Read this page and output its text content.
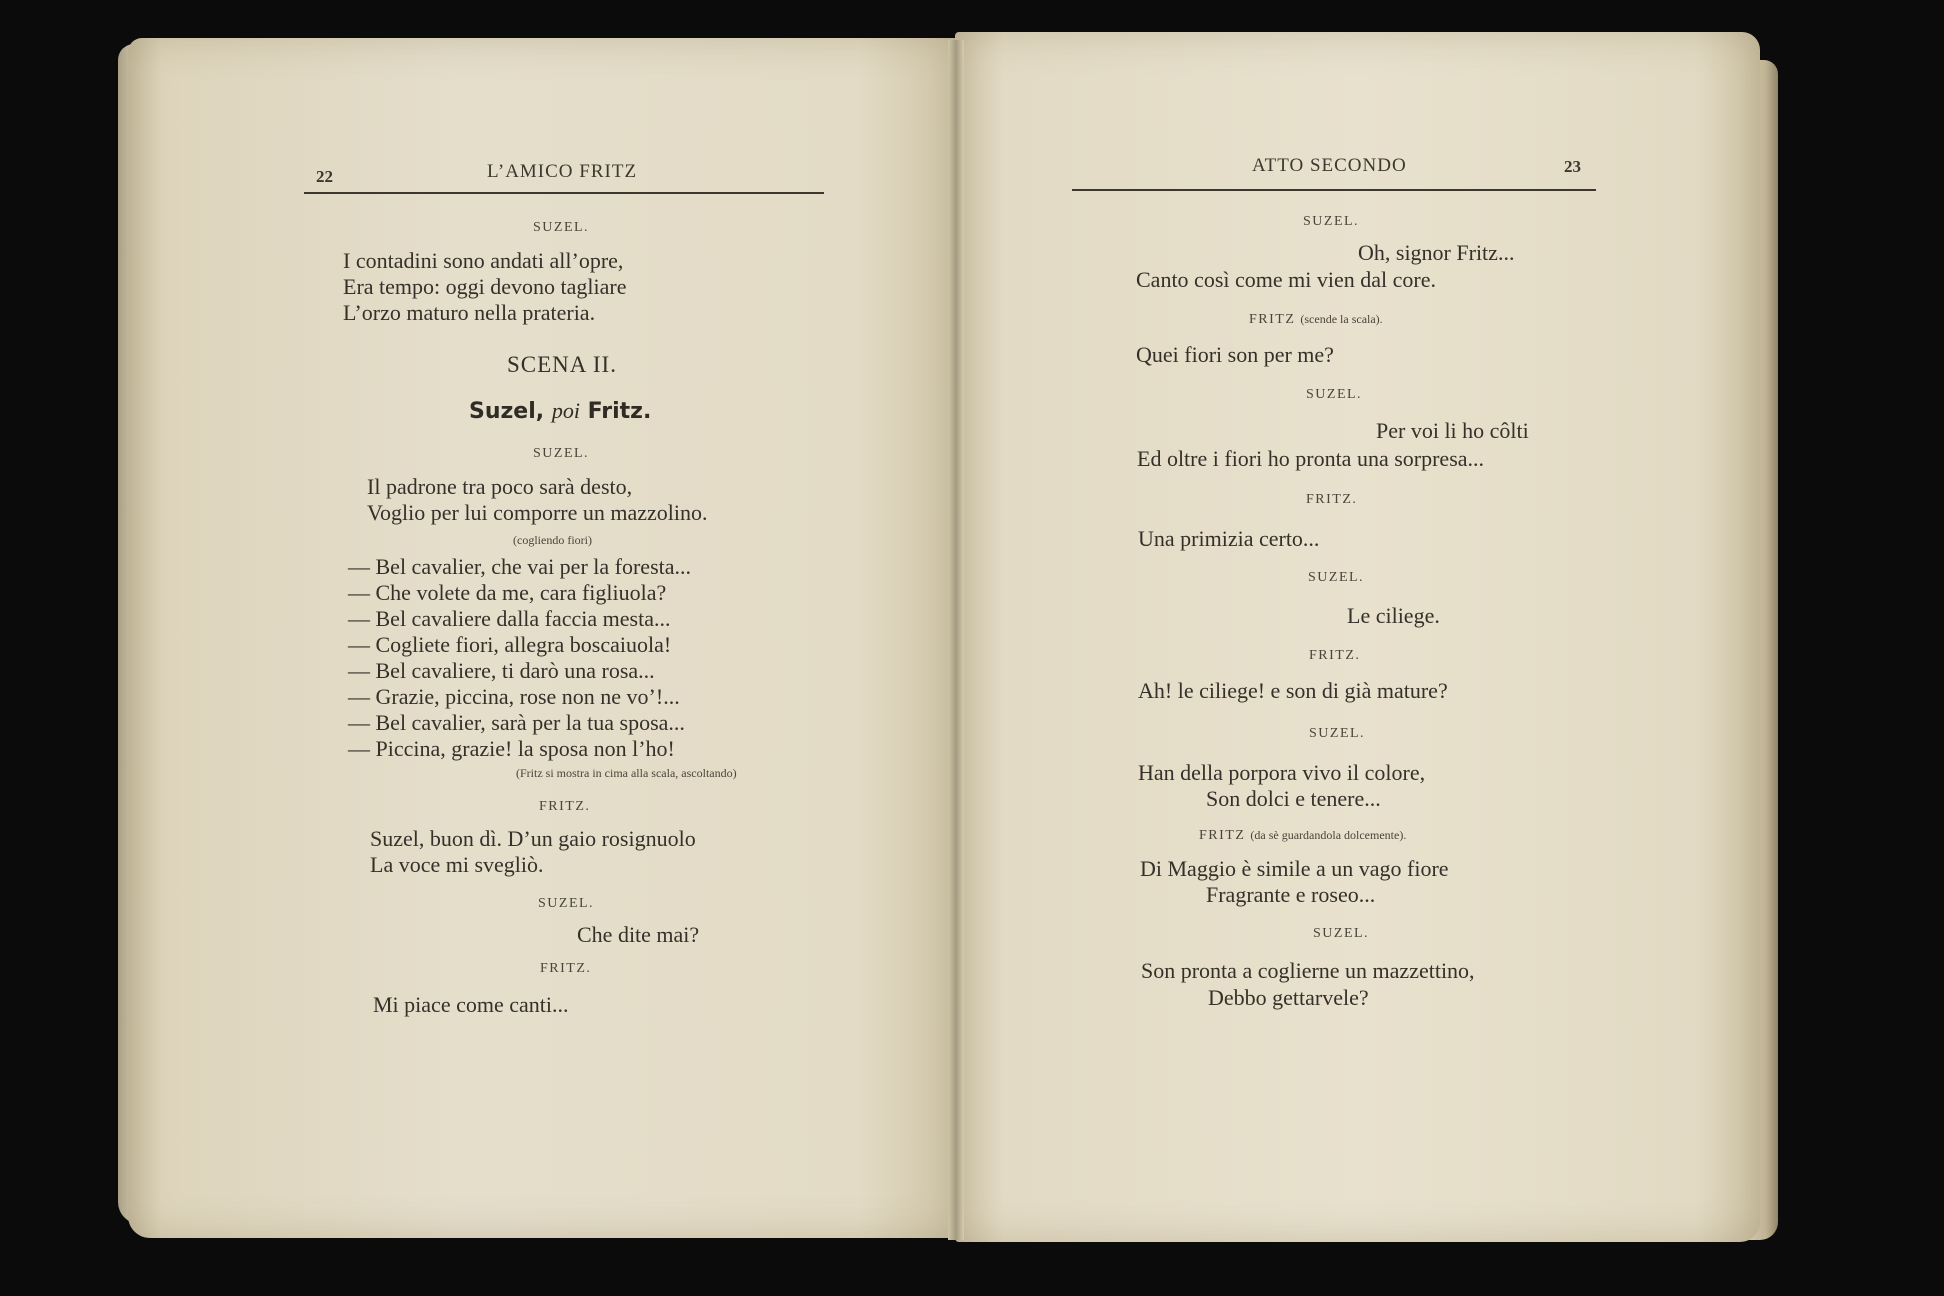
22	L’AMICO FRITZ
SUZEL.
I contadini sono andati all’opre,
Era tempo: oggi devono tagliare
L’orzo maturo nella prateria.
SCENA II.
Suzel, poi Fritz.
SUZEL.
Il padrone tra poco sarà desto,
Voglio per lui comporre un mazzolino.
(cogliendo fiori)
— Bel cavalier, che vai per la foresta...
— Che volete da me, cara figliuola?
— Bel cavaliere dalla faccia mesta...
— Cogliete fiori, allegra boscaiuola!
— Bel cavaliere, ti darò una rosa...
— Grazie, piccina, rose non ne vo’!...
— Bel cavalier, sarà per la tua sposa...
— Piccina, grazie! la sposa non l’ho!
(Fritz si mostra in cima alla scala, ascoltando)
FRITZ.
Suzel, buon dì. D’un gaio rosignuolo
La voce mi svegliò.
SUZEL.
Che dite mai?
FRITZ.
Mi piace come canti...
ATTO SECONDO	23
SUZEL.
Oh, signor Fritz...
Canto così come mi vien dal core.
FRITZ (scende la scala).
Quei fiori son per me?
SUZEL.
Per voi li ho côlti
Ed oltre i fiori ho pronta una sorpresa...
FRITZ.
Una primizia certo...
SUZEL.
Le ciliege.
FRITZ.
Ah! le ciliege! e son di già mature?
SUZEL.
Han della porpora vivo il colore,
Son dolci e tenere...
FRITZ (da sè guardandola dolcemente).
Di Maggio è simile a un vago fiore
Fragrante e roseo...
SUZEL.
Son pronta a coglierne un mazzettino,
Debbo gettarvele?
